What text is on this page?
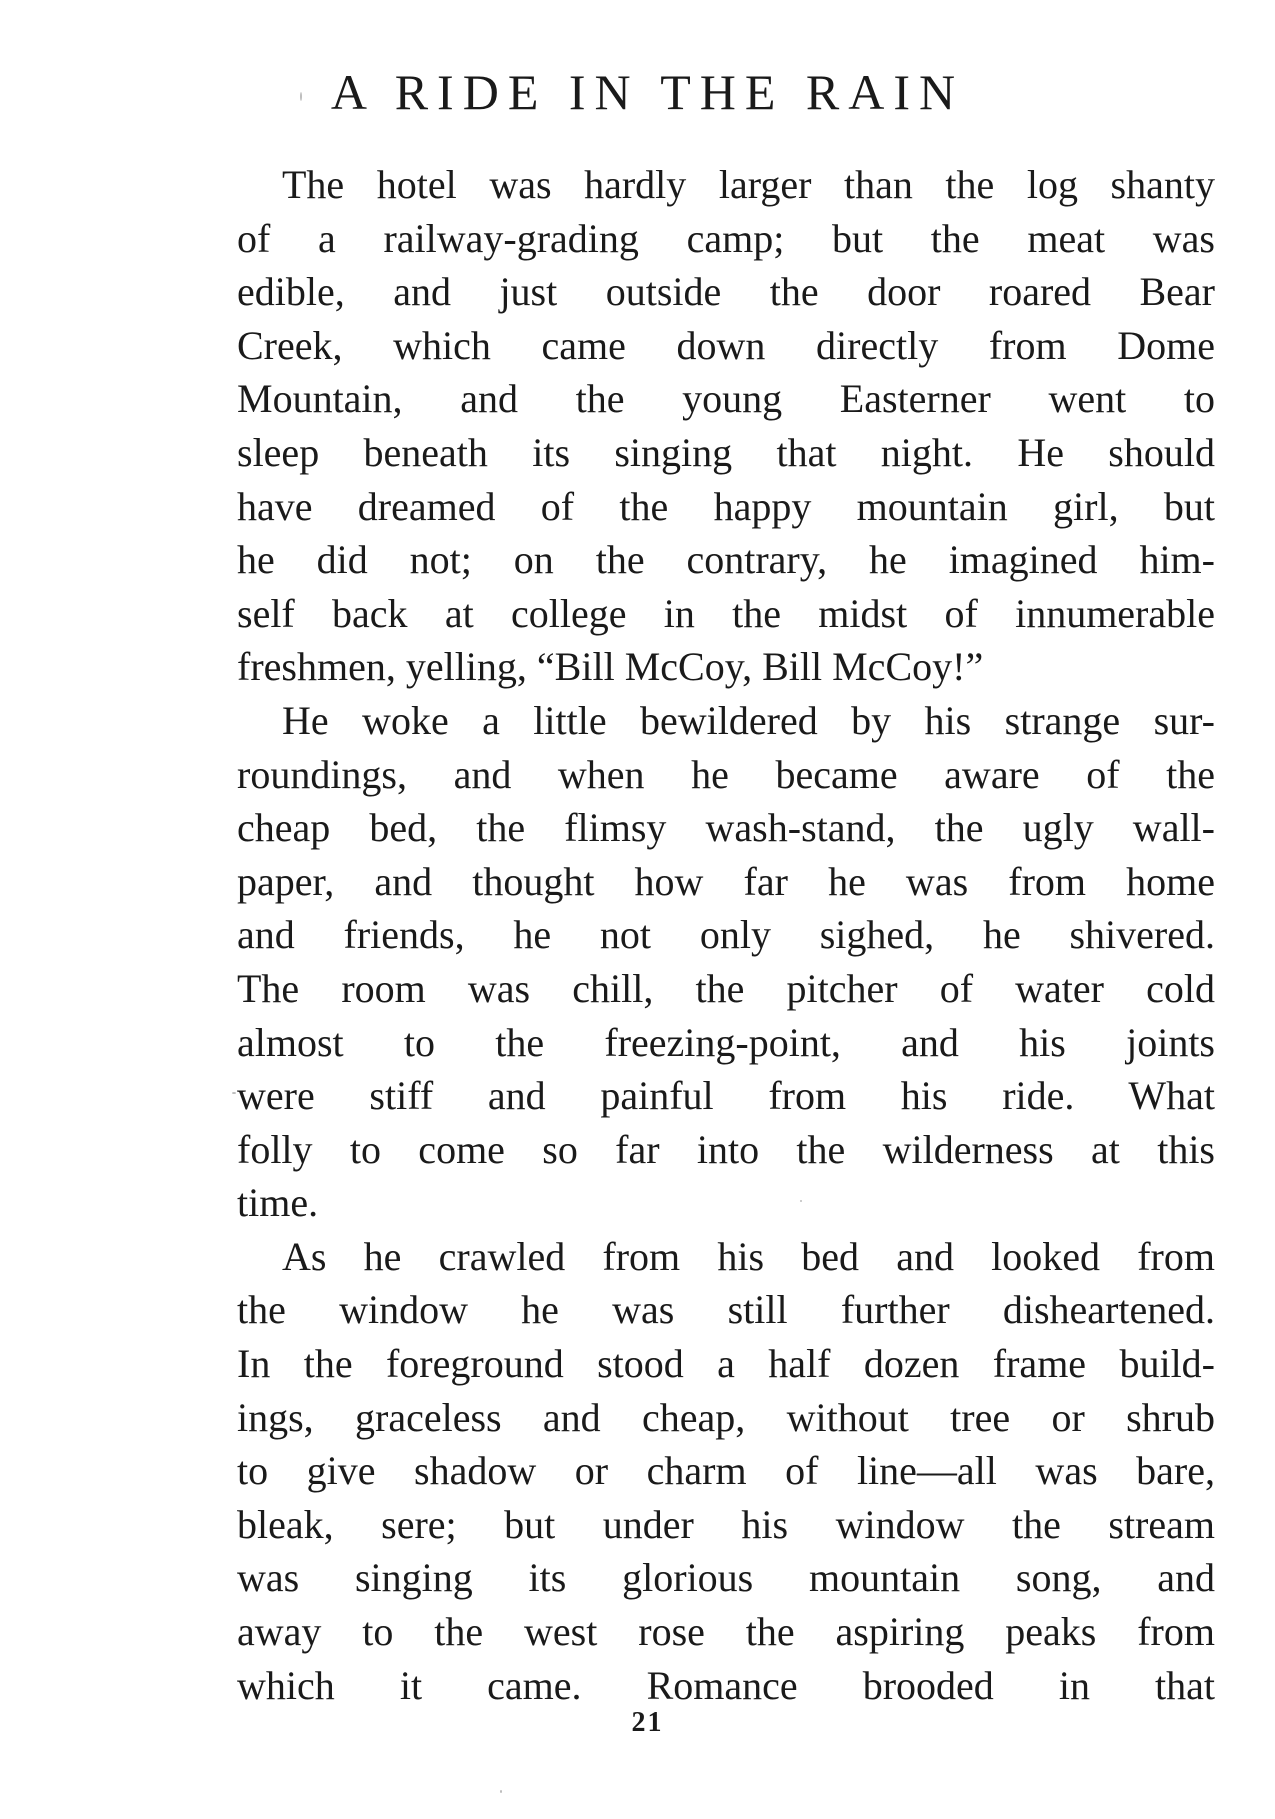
A RIDE IN THE RAIN
The hotel was hardly larger than the log shanty
of a railway-grading camp; but the meat was
edible, and just outside the door roared Bear
Creek, which came down directly from Dome
Mountain, and the young Easterner went to
sleep beneath its singing that night. He should
have dreamed of the happy mountain girl, but
he did not; on the contrary, he imagined him-
self back at college in the midst of innumerable
freshmen, yelling, “Bill McCoy, Bill McCoy!”
He woke a little bewildered by his strange sur-
roundings, and when he became aware of the
cheap bed, the flimsy wash-stand, the ugly wall-
paper, and thought how far he was from home
and friends, he not only sighed, he shivered.
The room was chill, the pitcher of water cold
almost to the freezing-point, and his joints
were stiff and painful from his ride. What
folly to come so far into the wilderness at this
time.
As he crawled from his bed and looked from
the window he was still further disheartened.
In the foreground stood a half dozen frame build-
ings, graceless and cheap, without tree or shrub
to give shadow or charm of line—all was bare,
bleak, sere; but under his window the stream
was singing its glorious mountain song, and
away to the west rose the aspiring peaks from
which it came. Romance brooded in that
21
